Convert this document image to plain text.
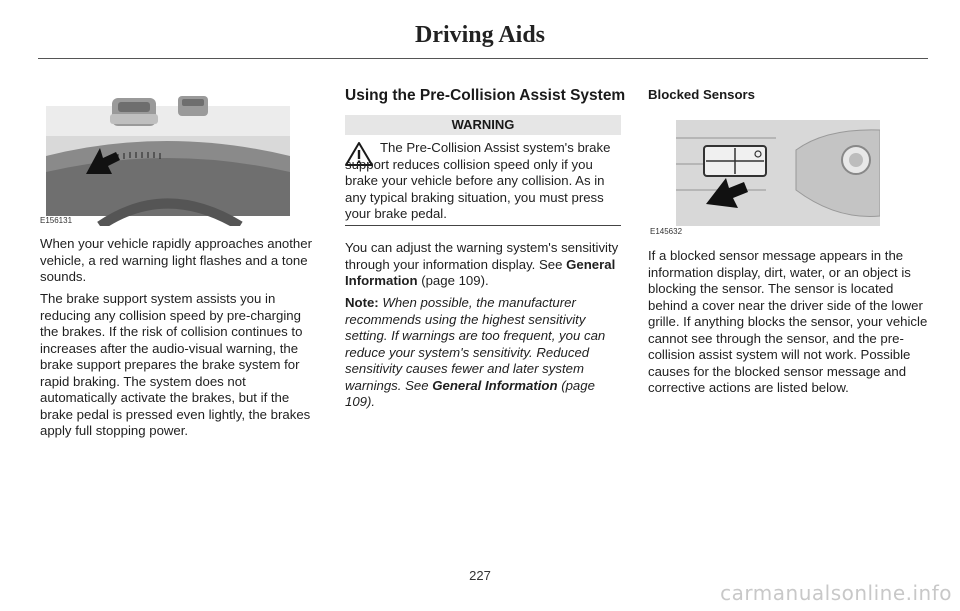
Driving Aids
E156131

When your vehicle rapidly approaches another vehicle, a red warning light flashes and a tone sounds.

The brake support system assists you in reducing any collision speed by pre-charging the brakes. If the risk of collision continues to increases after the audio-visual warning, the brake support prepares the brake system for rapid braking. The system does not automatically activate the brakes, but if the brake pedal is pressed even lightly, the brakes apply full stopping power.

Using the Pre-Collision Assist System
WARNING

The Pre-Collision Assist system's brake support reduces collision speed only if you brake your vehicle before any collision. As in any typical braking situation, you must press your brake pedal.

You can adjust the warning system's sensitivity through your information display. See General Information (page 109).

Note: When possible, the manufacturer recommends using the highest sensitivity setting. If warnings are too frequent, you can reduce your system's sensitivity. Reduced sensitivity causes fewer and later system warnings. See General Information (page 109).

Blocked Sensors
E145632

If a blocked sensor message appears in the information display, dirt, water, or an object is blocking the sensor. The sensor is located behind a cover near the driver side of the lower grille. If anything blocks the sensor, your vehicle cannot see through the sensor, and the pre-collision assist system will not work. Possible causes for the blocked sensor message and corrective actions are listed below.

227
carmanualsonline.info
